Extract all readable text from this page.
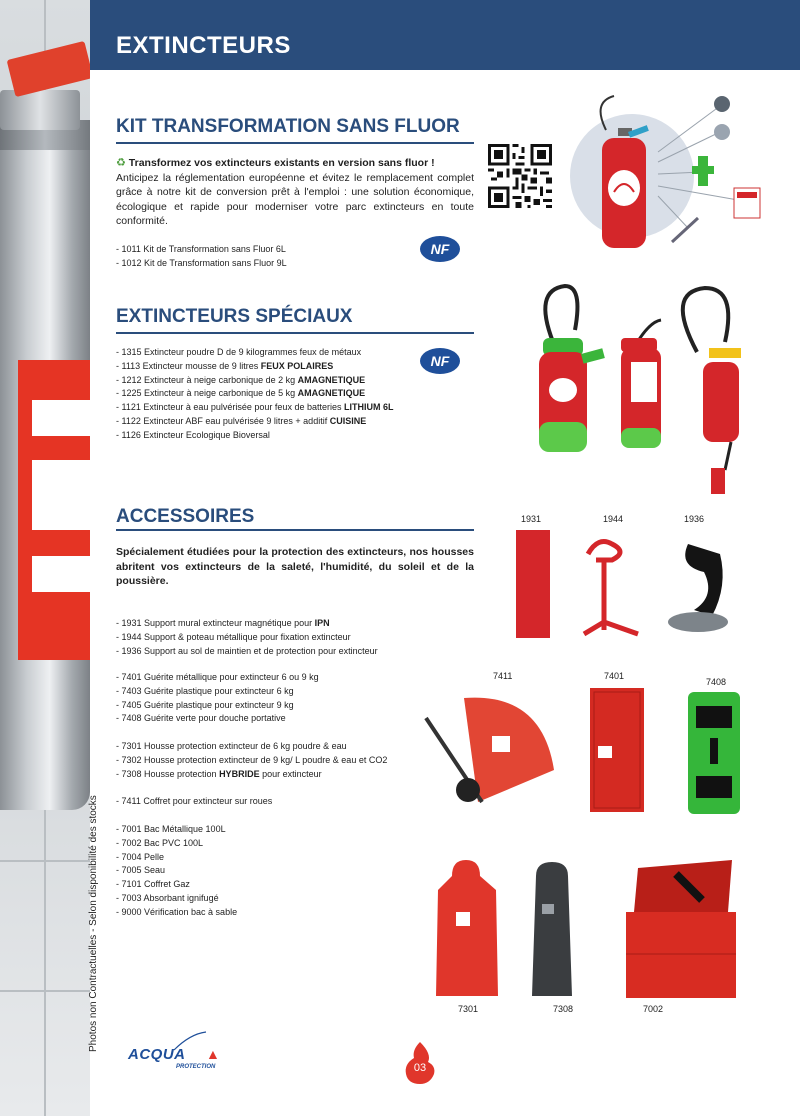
Photos non Contractuelles - Selon disponibilité des stocks
EXTINCTEURS
KIT TRANSFORMATION SANS FLUOR
♻ Transformez vos extincteurs existants en version sans fluor !
Anticipez la réglementation européenne et évitez le remplacement complet grâce à notre kit de conversion prêt à l'emploi : une solution économique, écologique et rapide pour moderniser votre parc extincteurs en toute conformité.
- 1011 Kit de Transformation sans Fluor 6L
- 1012 Kit de Transformation sans Fluor 9L
NF
NF
EXTINCTEURS SPÉCIAUX
- 1315 Extincteur poudre D de 9 kilogrammes feux de métaux
- 1113 Extincteur mousse de 9 litres FEUX POLAIRES
- 1212 Extincteur à neige carbonique de 2 kg AMAGNETIQUE
- 1225 Extincteur à neige carbonique de 5 kg AMAGNETIQUE
- 1121 Extincteur à eau pulvérisée pour feux de batteries LITHIUM 6L
- 1122 Extincteur ABF eau pulvérisée 9 litres + additif CUISINE
- 1126 Extincteur Ecologique Bioversal
ACCESSOIRES
Spécialement étudiées pour la protection des extincteurs, nos housses abritent vos extincteurs de la saleté, l'humidité, du soleil et de la poussière.
- 1931 Support mural extincteur magnétique pour IPN
- 1944 Support & poteau métallique pour fixation extincteur
- 1936 Support au sol de maintien et de protection pour extincteur
- 7401 Guérite métallique pour extincteur 6 ou 9 kg
- 7403 Guérite plastique pour extincteur 6 kg
- 7405 Guérite plastique pour extincteur 9 kg
- 7408 Guérite verte pour douche portative
- 7301 Housse protection extincteur de 6 kg poudre & eau
- 7302 Housse protection extincteur de 9 kg/ L poudre & eau et CO2
- 7308 Housse protection HYBRIDE pour extincteur
- 7411 Coffret pour extincteur sur roues
- 7001 Bac Métallique 100L
- 7002 Bac PVC 100L
- 7004 Pelle
- 7005 Seau
- 7101 Coffret Gaz
- 7003 Absorbant ignifugé
- 9000 Vérification bac à sable
1931	1944	1936
7411	7401
7408
7301	7308	7002
ACQUA ▲
PROTECTION	03
